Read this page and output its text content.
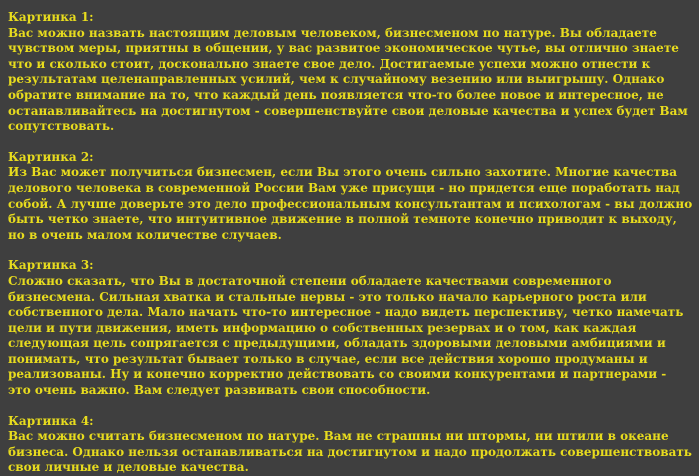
Картинка 1:

Вас можно назвать настоящим деловым человеком, бизнесменом по натуре. Вы обладаете чувством меры, приятны в общении, у вас развитое экономическое чутье, вы отлично знаете что и сколько стоит, досконально знаете свое дело. Достигаемые успехи можно отнести к результатам целенаправленных усилий, чем к случайному везению или выигрышу. Однако обратите внимание на то, что каждый день появляется что-то более новое и интересное, не останавливайтесь на достигнутом - совершенствуйте свои деловые качества и успех будет Вам сопутствовать.

Картинка 2:

Из Вас может получиться бизнесмен, если Вы этого очень сильно захотите. Многие качества делового человека в современной России Вам уже присущи - но придется еще поработать над собой. А лучше доверьте это дело профессиональным консультантам и психологам - вы должно быть четко знаете, что интуитивное движение в полной темноте конечно приводит к выходу, но в очень малом количестве случаев.

Картинка 3:

Сложно сказать, что Вы в достаточной степени обладаете качествами современного бизнесмена. Сильная хватка и стальные нервы - это только начало карьерного роста или собственного дела. Мало начать что-то интересное - надо видеть перспективу, четко намечать цели и пути движения, иметь информацию о собственных резервах и о том, как каждая следующая цель сопрягается с предыдущими, обладать здоровыми деловыми амбициями и понимать, что результат бывает только в случае, если все действия хорошо продуманы и реализованы. Ну и конечно корректно действовать со своими конкурентами и партнерами - это очень важно. Вам следует развивать свои способности.

Картинка 4:

Вас можно считать бизнесменом по натуре. Вам не страшны ни штормы, ни штили в океане бизнеса. Однако нельзя останавливаться на достигнутом и надо продолжать совершенствовать свои личные и деловые качества.
